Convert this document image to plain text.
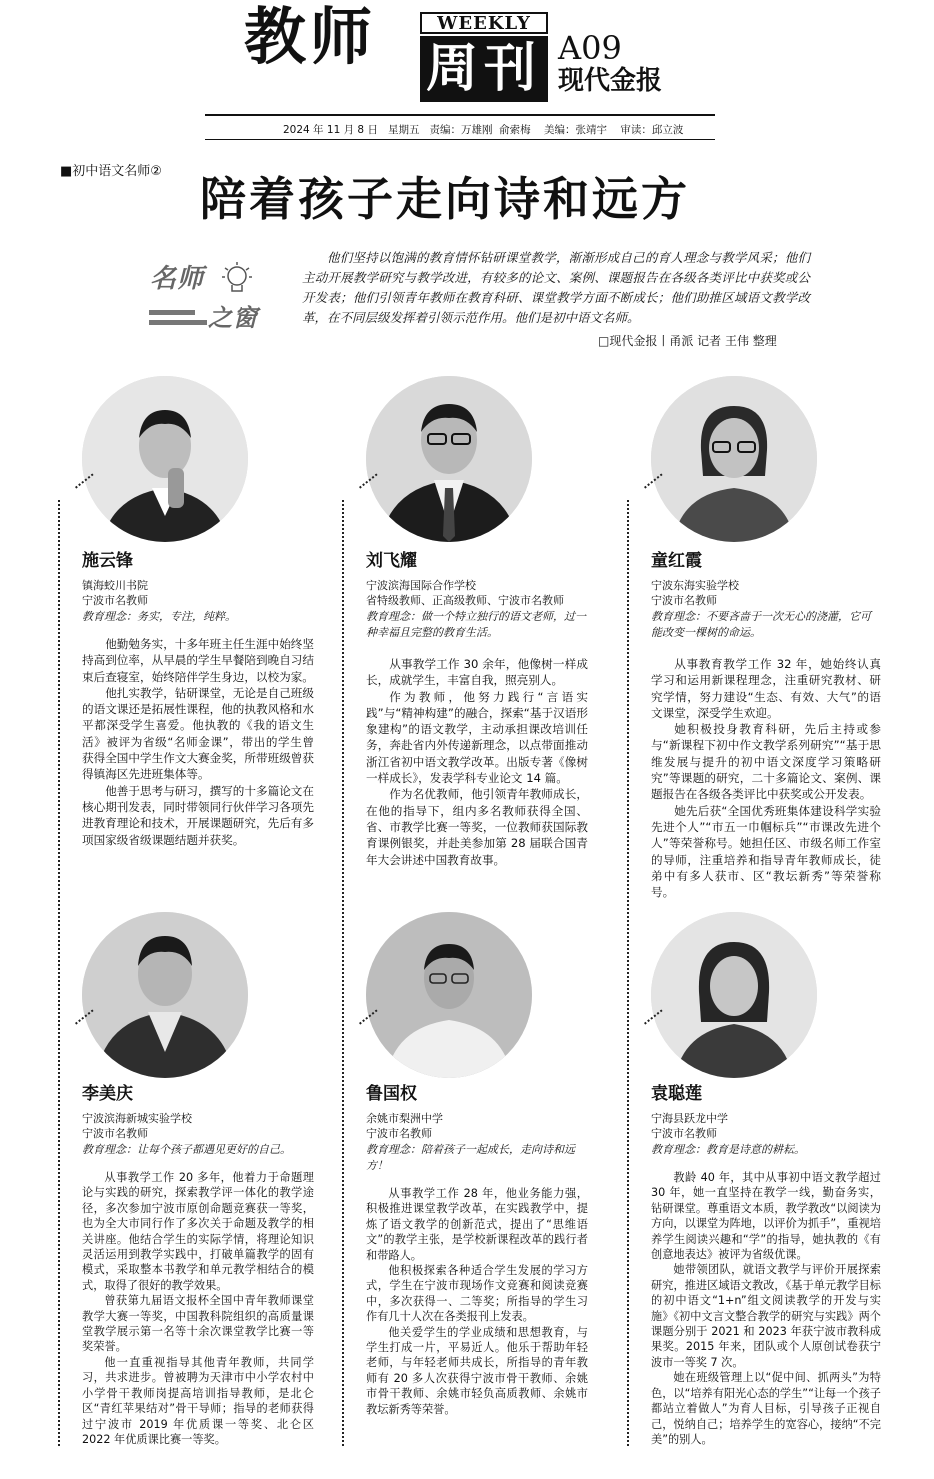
教师	WEEKLY
周刊 A09
现代金报
2024 年 11 月 8 日   星期五   责编：万雄刚  俞索梅    美编：张靖宇    审读：邱立波
■初中语文名师②
陪着孩子走向诗和远方
名师
之窗
他们坚持以饱满的教育情怀钻研课堂教学，渐渐形成自己的育人理念与教学风采；他们主动开展教学研究与教学改进，有较多的论文、案例、课题报告在各级各类评比中获奖或公开发表；他们引领青年教师在教育科研、课堂教学方面不断成长；他们助推区域语文教学改革，在不同层级发挥着引领示范作用。他们是初中语文名师。
□现代金报丨甬派 记者 王伟 整理
施云锋
镇海蛟川书院
宁波市名教师
教育理念：务实，专注，纯粹。

他勤勉务实，十多年班主任生涯中始终坚持高到位率，从早晨的学生早餐陪到晚自习结束后查寝室，始终陪伴学生身边，以校为家。

他扎实教学，钻研课堂，无论是自己班级的语文课还是拓展性课程，他的执教风格和水平都深受学生喜爱。他执教的《我的语文生活》被评为省级“名师金课”，带出的学生曾获得全国中学生作文大赛金奖，所带班级曾获得镇海区先进班集体等。

他善于思考与研习，撰写的十多篇论文在核心期刊发表，同时带领同行伙伴学习各项先进教育理论和技术，开展课题研究，先后有多项国家级省级课题结题并获奖。

刘飞耀
宁波滨海国际合作学校
省特级教师、正高级教师、宁波市名教师
教育理念：做一个特立独行的语文老师，过一种幸福且完整的教育生活。

从事教学工作 30 余年，他像树一样成长，成就学生，丰富自我，照亮别人。

作为教师，他努力践行“言语实践”与“精神构建”的融合，探索“基于汉语形象建构”的语文教学，主动承担课改培训任务，奔赴省内外传递新理念，以点带面推动浙江省初中语文教学改革。出版专著《像树一样成长》，发表学科专业论文 14 篇。

作为名优教师，他引领青年教师成长，在他的指导下，组内多名教师获得全国、省、市教学比赛一等奖，一位教师获国际教育课例银奖，并赴美参加第 28 届联合国青年大会讲述中国教育故事。

童红霞
宁波东海实验学校
宁波市名教师
教育理念：不要吝啬于一次无心的浇灌，它可能改变一棵树的命运。

从事教育教学工作 32 年，她始终认真学习和运用新课程理念，注重研究教材、研究学情，努力建设“生态、有效、大气”的语文课堂，深受学生欢迎。

她积极投身教育科研，先后主持或参与“新课程下初中作文教学系列研究”“基于思维发展与提升的初中语文深度学习策略研究”等课题的研究，二十多篇论文、案例、课题报告在各级各类评比中获奖或公开发表。

她先后获“全国优秀班集体建设科学实验先进个人”“市五一巾帼标兵”“市课改先进个人”等荣誉称号。她担任区、市级名师工作室的导师，注重培养和指导青年教师成长，徒弟中有多人获市、区“教坛新秀”等荣誉称号。

李美庆
宁波滨海新城实验学校
宁波市名教师
教育理念：让每个孩子都遇见更好的自己。

从事教学工作 20 多年，他着力于命题理论与实践的研究，探索教学评一体化的教学途径，多次参加宁波市原创命题竞赛获一等奖，也为全大市同行作了多次关于命题及教学的相关讲座。他结合学生的实际学情，将理论知识灵活运用到教学实践中，打破单篇教学的固有模式，采取整本书教学和单元教学相结合的模式，取得了很好的教学效果。

曾获第九届语文报杯全国中青年教师课堂教学大赛一等奖，中国教科院组织的高质量课堂教学展示第一名等十余次课堂教学比赛一等奖荣誉。

他一直重视指导其他青年教师，共同学习，共求进步。曾被聘为天津市中小学农村中小学骨干教师岗提高培训指导教师，是北仑区“青红苹果结对”骨干导师；指导的老师获得过宁波市 2019 年优质课一等奖、北仑区 2022 年优质课比赛一等奖。

鲁国权
余姚市梨洲中学
宁波市名教师
教育理念：陪着孩子一起成长，走向诗和远方！

从事教学工作 28 年，他业务能力强，积极推进课堂教学改革，在实践教学中，提炼了语文教学的创新范式，提出了“思维语文”的教学主张，是学校新课程改革的践行者和带路人。

他积极探索各种适合学生发展的学习方式，学生在宁波市现场作文竞赛和阅读竞赛中，多次获得一、二等奖；所指导的学生习作有几十人次在各类报刊上发表。

他关爱学生的学业成绩和思想教育，与学生打成一片，平易近人。他乐于帮助年轻老师，与年轻老师共成长，所指导的青年教师有 20 多人次获得宁波市骨干教师、余姚市骨干教师、余姚市轻负高质教师、余姚市教坛新秀等荣誉。

袁聪莲
宁海县跃龙中学
宁波市名教师
教育理念：教育是诗意的耕耘。

教龄 40 年，其中从事初中语文教学超过 30 年，她一直坚持在教学一线，勤奋务实，钻研课堂。尊重语文本质，教学教改“以阅读为方向，以课堂为阵地，以评价为抓手”，重视培养学生阅读兴趣和“学”的指导，她执教的《有创意地表达》被评为省级优课。

她带领团队，就语文教学与评价开展探索研究，推进区域语文教改，《基于单元教学目标的初中语文“1+n”组文阅读教学的开发与实施》《初中文言文整合教学的研究与实践》两个课题分别于 2021 和 2023 年获宁波市教科成果奖。2015 年来，团队或个人原创试卷获宁波市一等奖 7 次。

她在班级管理上以“促中间、抓两头”为特色，以“培养有阳光心态的学生”“让每一个孩子都站立着做人”为育人目标，引导孩子正视自己，悦纳自己；培养学生的宽容心，接纳“不完美”的别人。
